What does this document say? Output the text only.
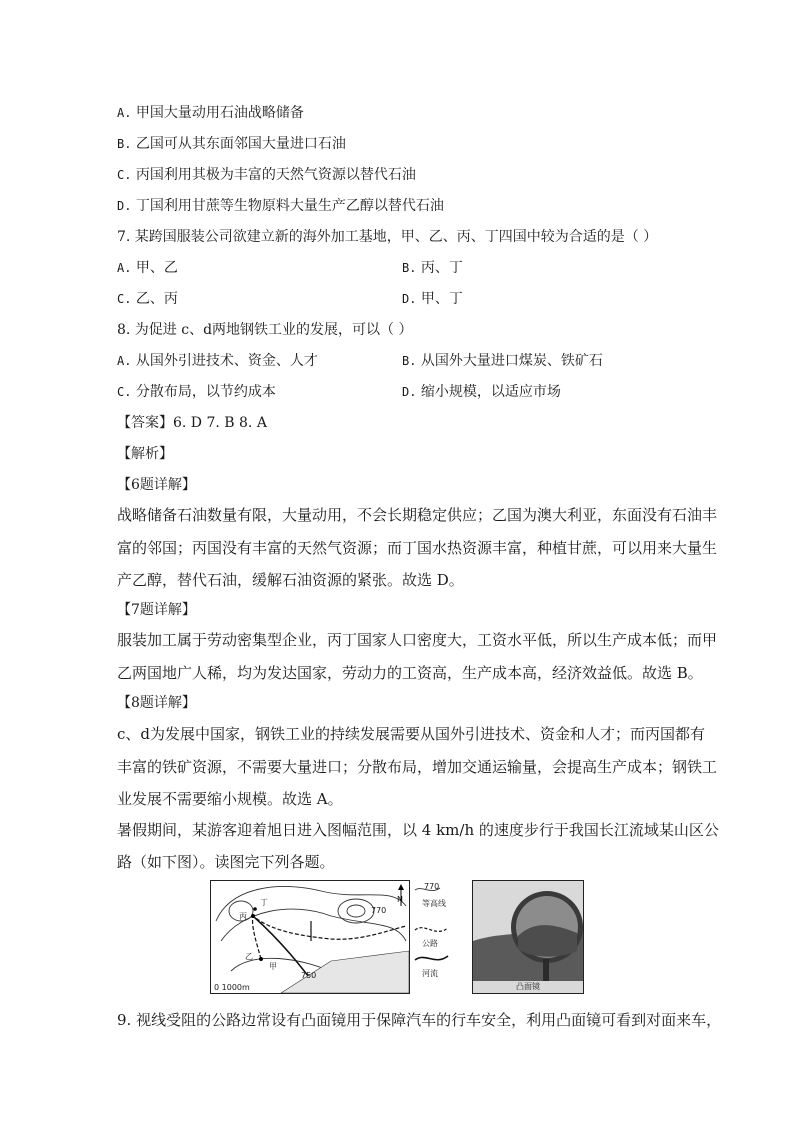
A. 甲国大量动用石油战略储备
B. 乙国可从其东面邻国大量进口石油
C. 丙国利用其极为丰富的天然气资源以替代石油
D. 丁国利用甘蔗等生物原料大量生产乙醇以替代石油
7. 某跨国服装公司欲建立新的海外加工基地，甲、乙、丙、丁四国中较为合适的是（ ）
A. 甲、乙	B. 丙、丁
C. 乙、丙	D. 甲、丁
8. 为促进 c、d两地钢铁工业的发展，可以（ ）
A. 从国外引进技术、资金、人才	B. 从国外大量进口煤炭、铁矿石
C. 分散布局，以节约成本	D. 缩小规模，以适应市场
【答案】6. D 7. B 8. A
【解析】
【6题详解】
战略储备石油数量有限，大量动用，不会长期稳定供应；乙国为澳大利亚，东面没有石油丰
富的邻国；丙国没有丰富的天然气资源；而丁国水热资源丰富，种植甘蔗，可以用来大量生
产乙醇，替代石油，缓解石油资源的紧张。故选 D。
【7题详解】
服装加工属于劳动密集型企业，丙丁国家人口密度大，工资水平低，所以生产成本低；而甲
乙两国地广人稀，均为发达国家，劳动力的工资高，生产成本高，经济效益低。故选 B。
【8题详解】
c、d为发展中国家，钢铁工业的持续发展需要从国外引进技术、资金和人才；而丙国都有
丰富的铁矿资源，不需要大量进口；分散布局，增加交通运输量，会提高生产成本；钢铁工
业发展不需要缩小规模。故选 A。
暑假期间，某游客迎着旭日进入图幅范围，以 4 km/h 的速度步行于我国长江流域某山区公
路（如下图）。读图完下列各题。
丁
丙
乙
甲
770
750
N
0 1000m
770
等高线
公路
河流
凸面镜
9. 视线受阻的公路边常设有凸面镜用于保障汽车的行车安全，利用凸面镜可看到对面来车，
